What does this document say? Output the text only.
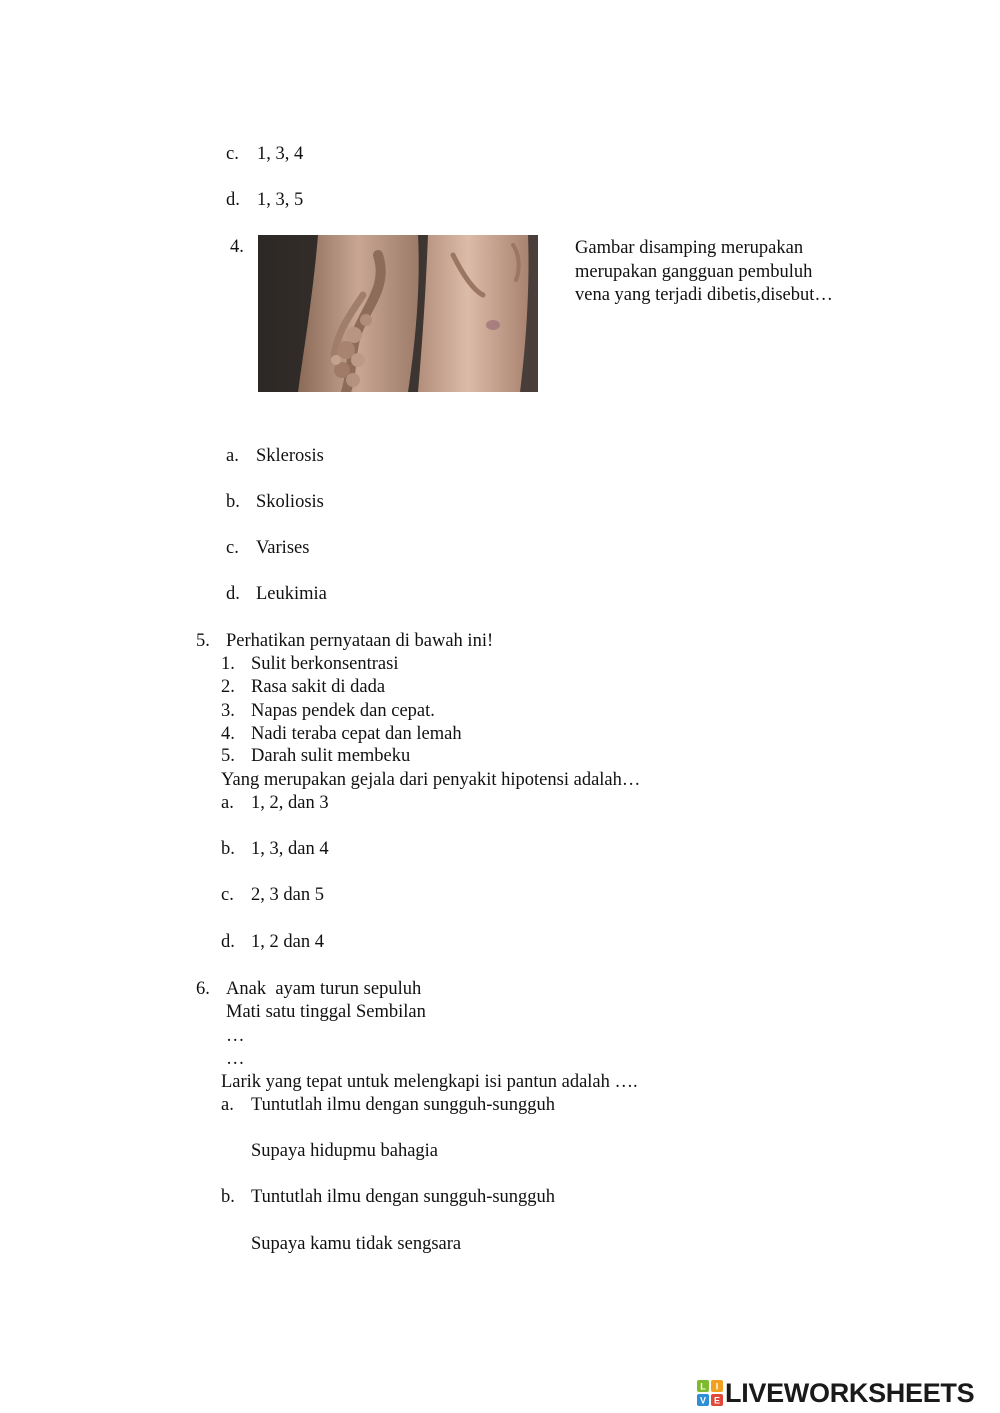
c. 1, 3, 4
d. 1, 3, 5
4.	Gambar disamping merupakan
merupakan gangguan pembuluh
vena yang terjadi dibetis,disebut…
a. Sklerosis
b. Skoliosis
c. Varises
d. Leukimia
5. Perhatikan pernyataan di bawah ini!
1. Sulit berkonsentrasi
2. Rasa sakit di dada
3. Napas pendek dan cepat.
4. Nadi teraba cepat dan lemah
5. Darah sulit membeku
Yang merupakan gejala dari penyakit hipotensi adalah…
a. 1, 2, dan 3
b. 1, 3, dan 4
c. 2, 3 dan 5
d. 1, 2 dan 4
6. Anak  ayam turun sepuluh
Mati satu tinggal Sembilan
…
…
Larik yang tepat untuk melengkapi isi pantun adalah ….
a. Tuntutlah ilmu dengan sungguh-sungguh
Supaya hidupmu bahagia
b. Tuntutlah ilmu dengan sungguh-sungguh
Supaya kamu tidak sengsara
L I
V E LIVEWORKSHEETS
